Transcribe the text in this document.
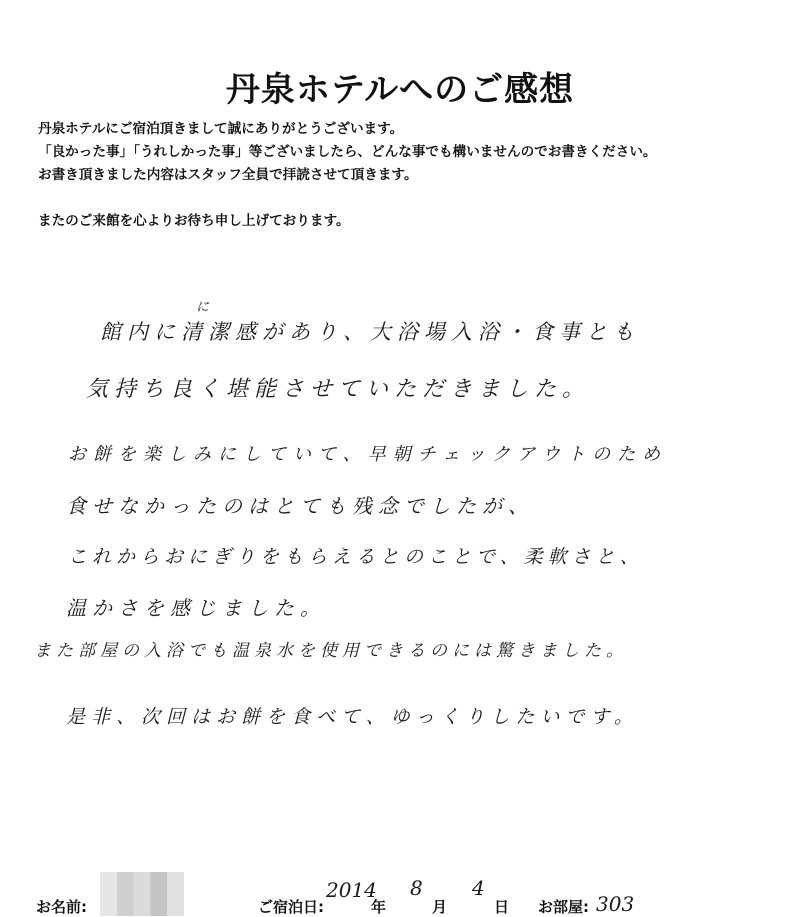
丹泉ホテルへのご感想
丹泉ホテルにご宿泊頂きまして誠にありがとうございます。
「良かった事」「うれしかった事」等ございましたら、どんな事でも構いませんのでお書きください。
お書き頂きました内容はスタッフ全員で拝読させて頂きます。
またのご来館を心よりお待ち申し上げております。
に
館内に清潔感があり、大浴場入浴・食事とも
気持ち良く堪能させていただきました。
お餅を楽しみにしていて、早朝チェックアウトのため
食せなかったのはとても残念でしたが、
これからおにぎりをもらえるとのことで、柔軟さと、
温かさを感じました。
また部屋の入浴でも温泉水を使用できるのには驚きました。
是非、次回はお餅を食べて、ゆっくりしたいです。
お名前:	ご宿泊日:
2014
年
8
月
4
日 お部屋: 303
